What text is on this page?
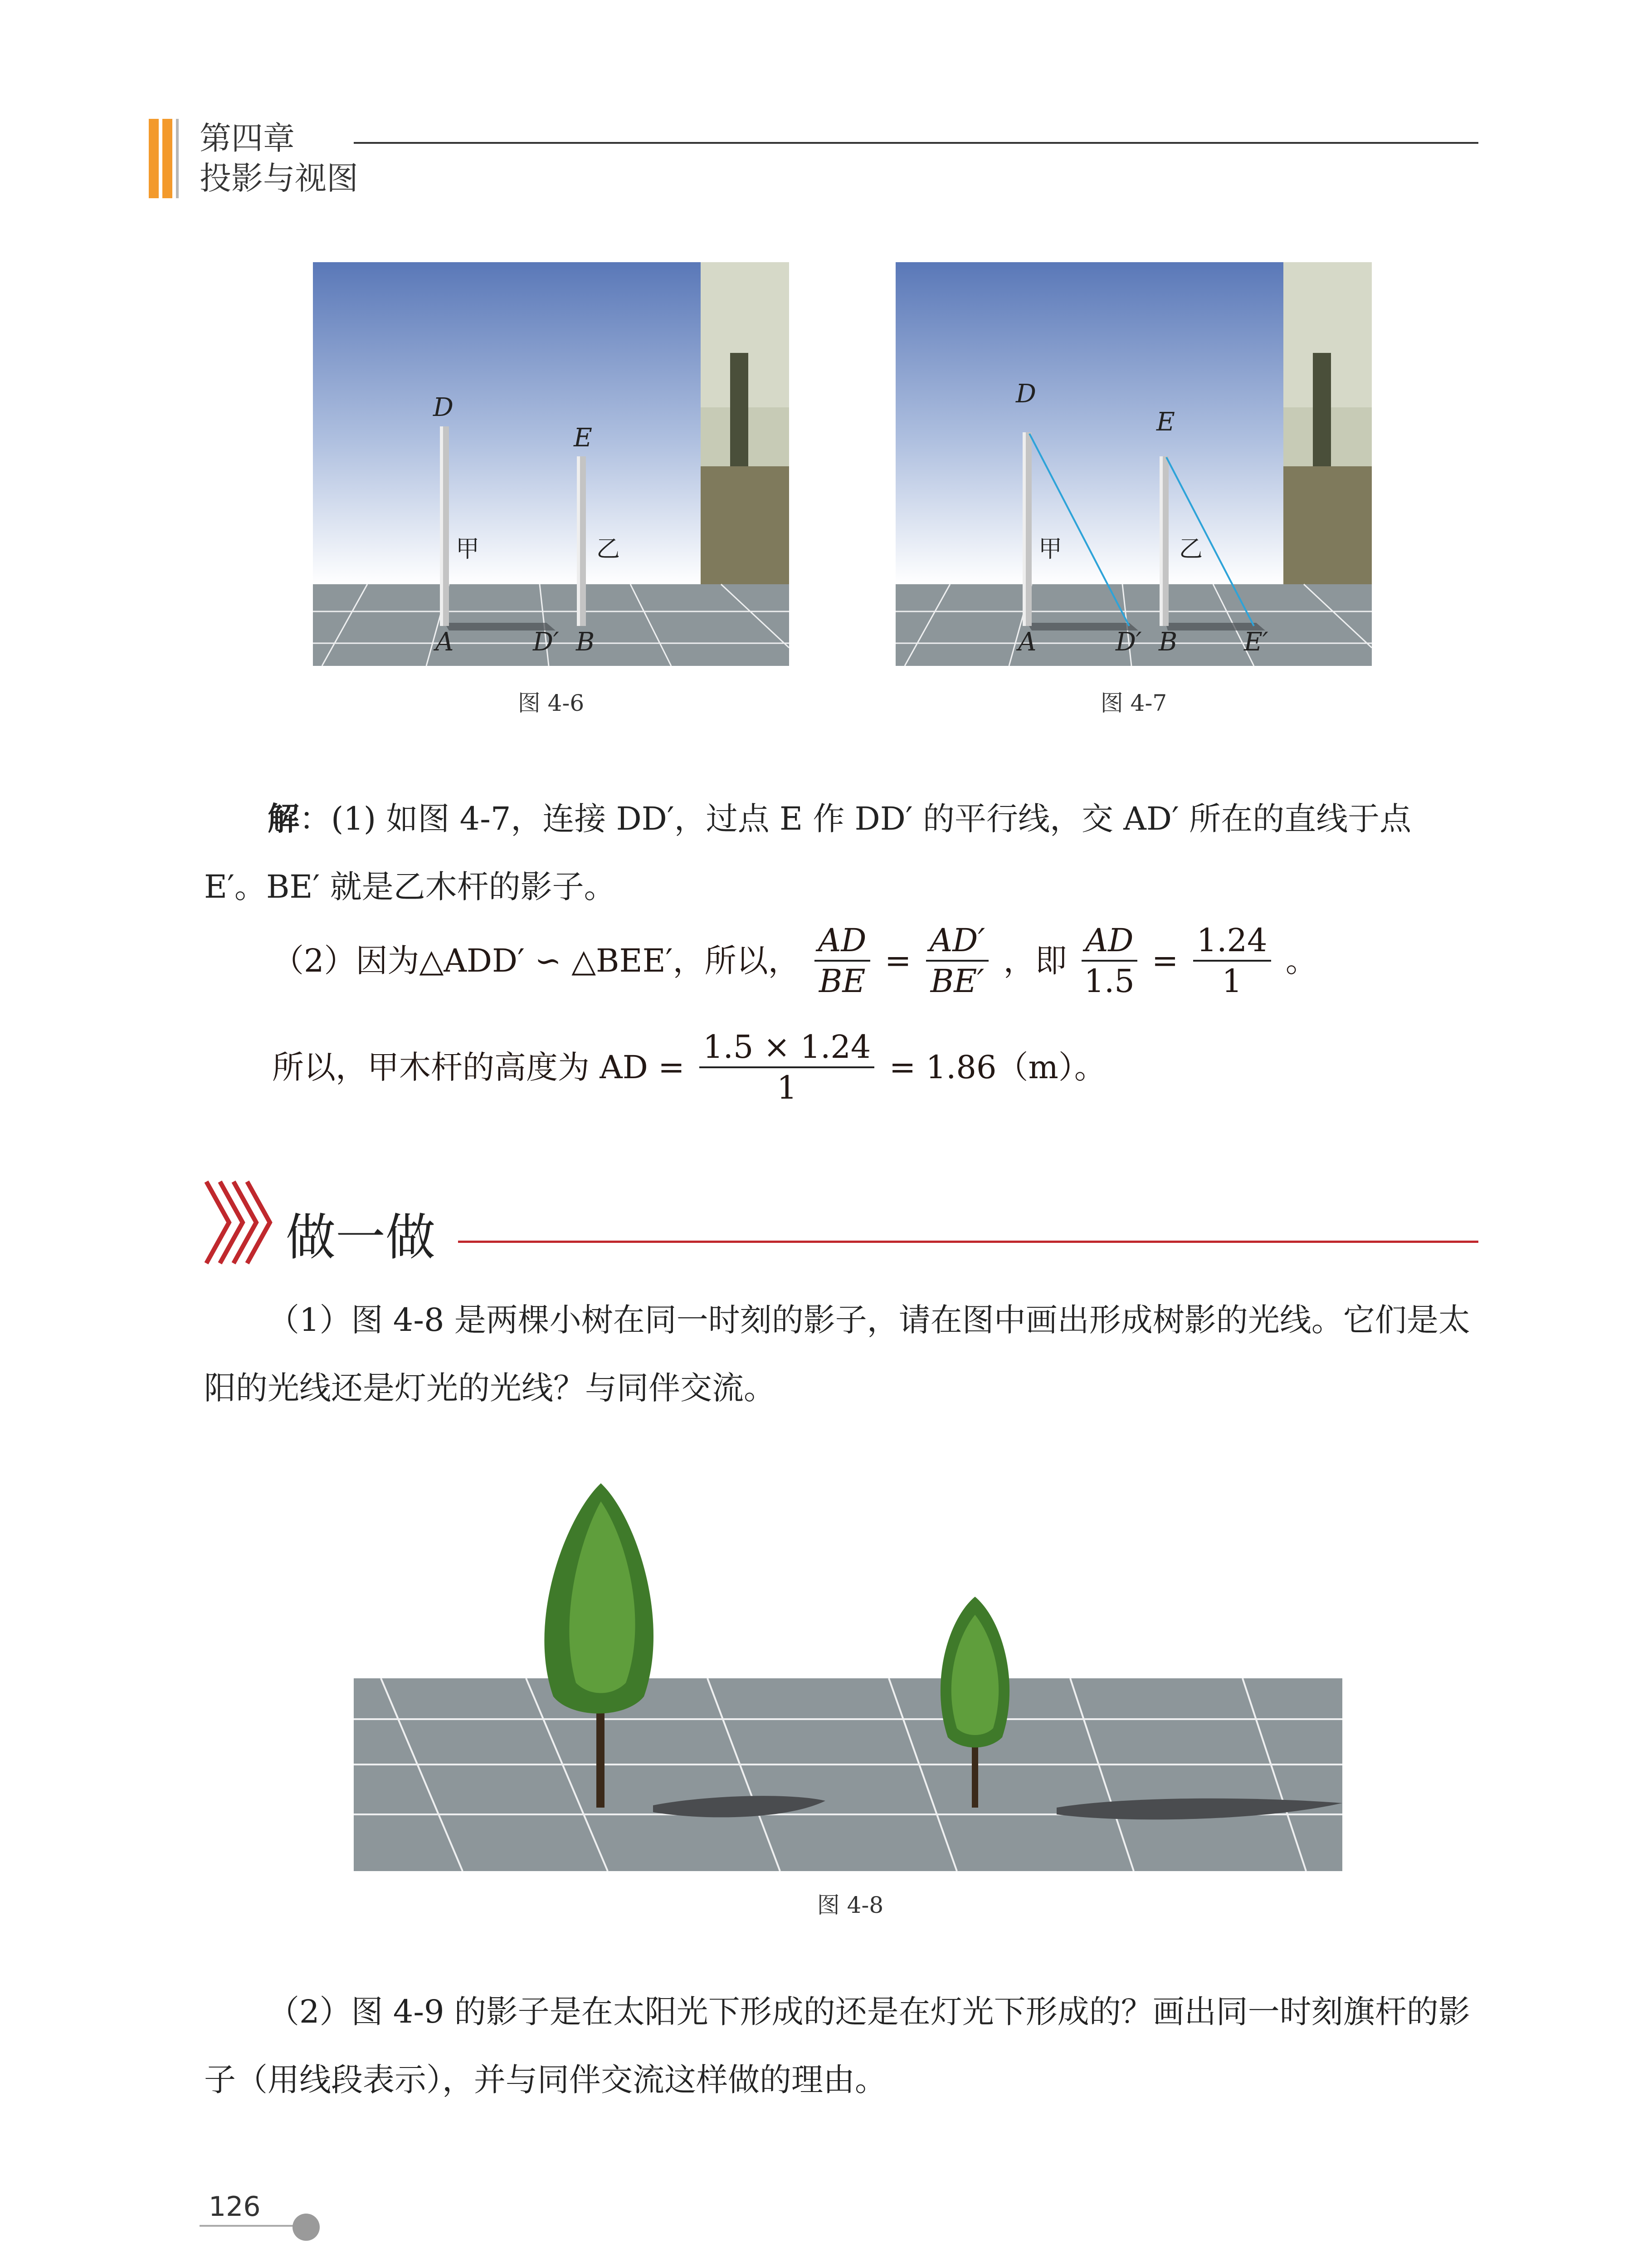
第四章
投影与视图
D
E
甲	乙
A	D′ B
图 4-6
D
E
甲	乙
A	D′ B	E′
图 4-7
解：(1) 如图 4-7，连接 DD′，过点 E 作 DD′ 的平行线，交 AD′ 所在的直线于点 E′。BE′ 就是乙木杆的影子。
（2）因为△ADD′ ∽ △BEE′，所以， $\frac{AD}{BE} = \frac{AD'}{BE'}$ ，即 $\frac{AD}{1.5} = \frac{1.24}{1}$ 。
所以，甲木杆的高度为 AD = $\frac{1.5 \times 1.24}{1} = 1.86(m)$。
做一做
（1）图 4-8 是两棵小树在同一时刻的影子，请在图中画出形成树影的光线。它们是太阳的光线还是灯光的光线？与同伴交流。
图 4-8
（2）图 4-9 的影子是在太阳光下形成的还是在灯光下形成的？画出同一时刻旗杆的影子（用线段表示），并与同伴交流这样做的理由。
126
